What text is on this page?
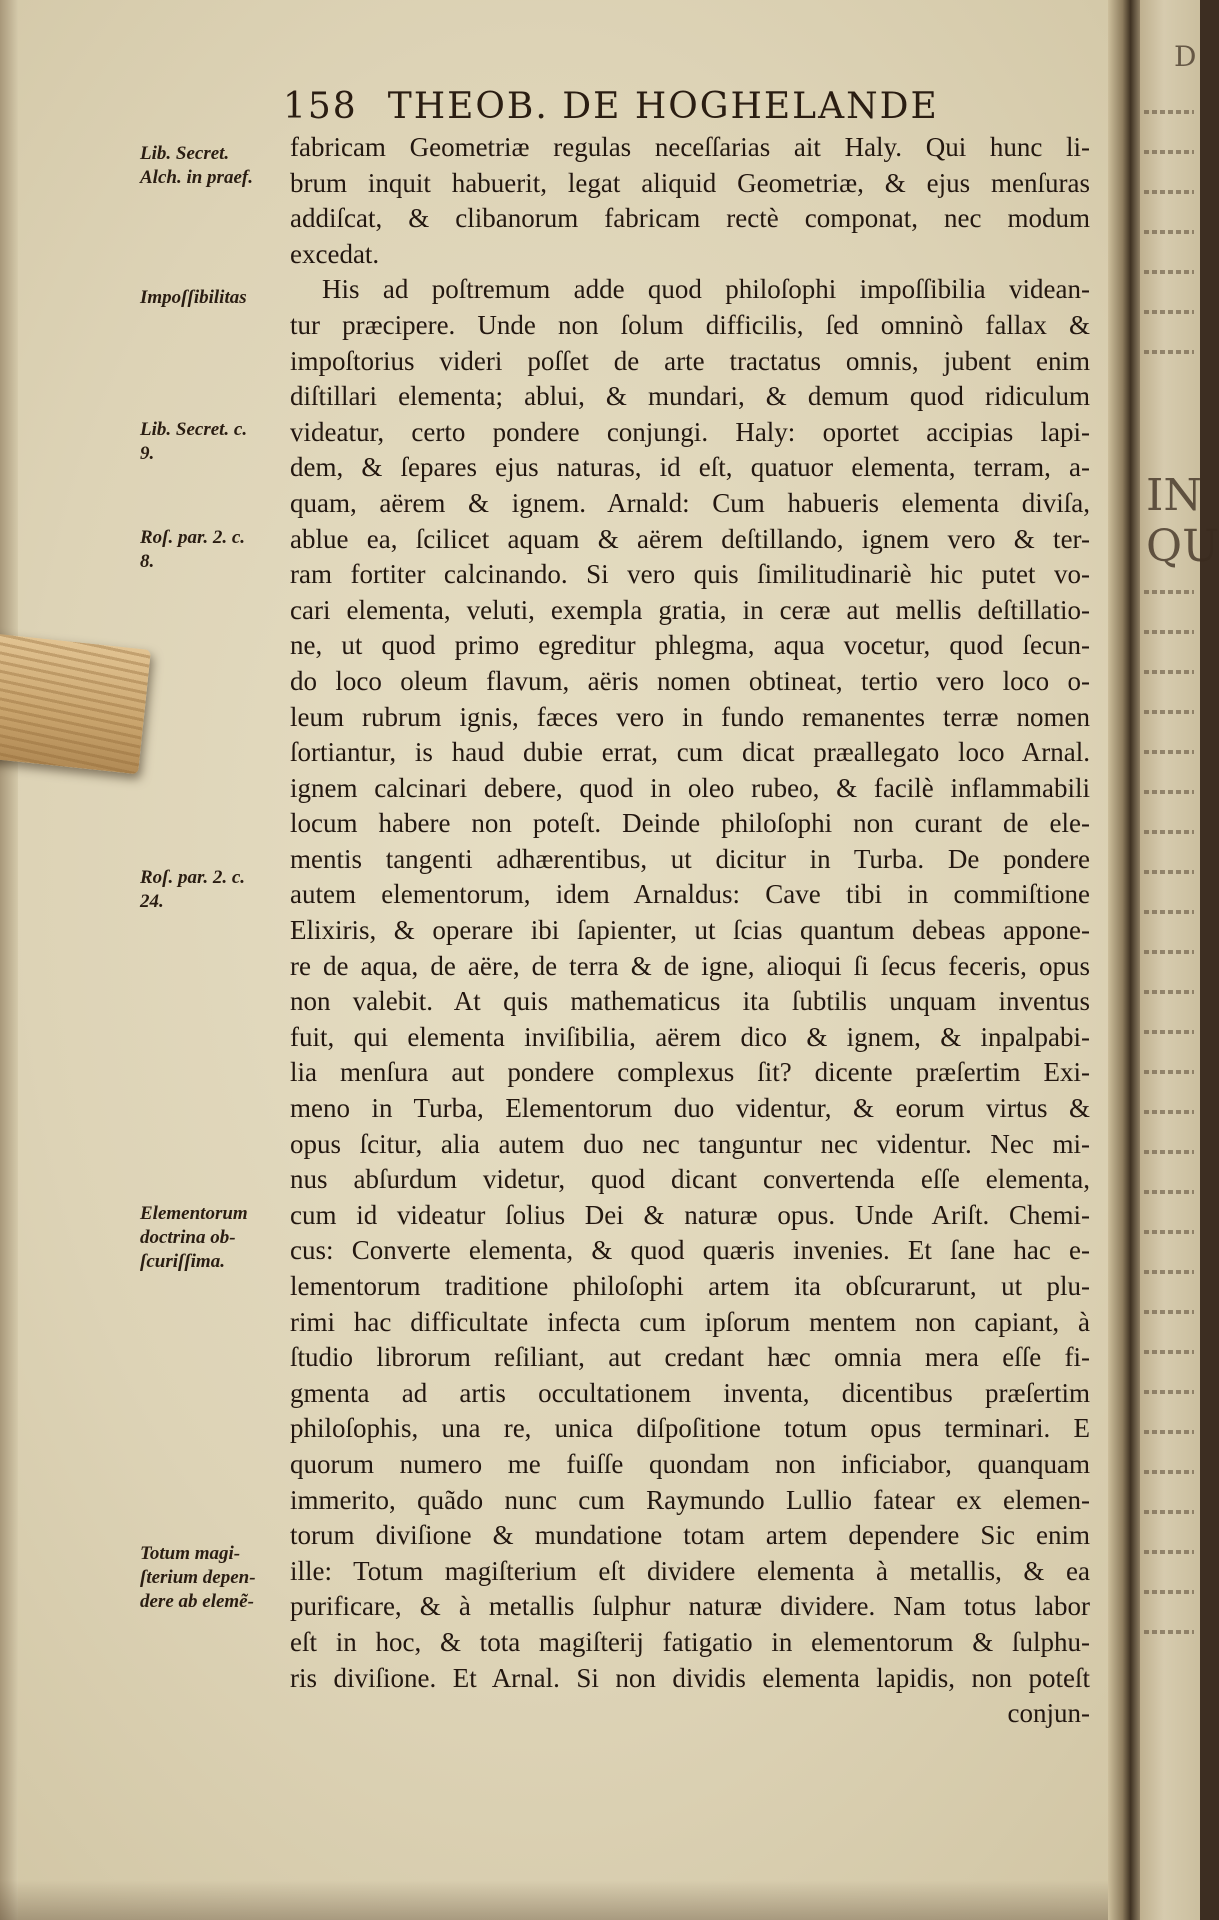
158 THEOB. DE HOGHELANDE
Lib. Secret.
Alch. in praef.
Impoſſibilitas
Lib. Secret. c.
9.
Roſ. par. 2. c.
8.
Roſ. par. 2. c.
24.
Elementorum
doctrina ob-
ſcuriſſima.
Totum magi-
ſterium depen-
dere ab elemẽ-
fabricam Geometriæ regulas neceſſarias ait Haly. Qui hunc li-
brum inquit habuerit, legat aliquid Geometriæ, & ejus menſuras
addiſcat, & clibanorum fabricam rectè componat, nec modum
excedat.
His ad poſtremum adde quod philoſophi impoſſibilia videan-
tur præcipere. Unde non ſolum difficilis, ſed omninò fallax &
impoſtorius videri poſſet de arte tractatus omnis, jubent enim
diſtillari elementa; ablui, & mundari, & demum quod ridiculum
videatur, certo pondere conjungi. Haly: oportet accipias lapi-
dem, & ſepares ejus naturas, id eſt, quatuor elementa, terram, a-
quam, aërem & ignem. Arnald: Cum habueris elementa diviſa,
ablue ea, ſcilicet aquam & aërem deſtillando, ignem vero & ter-
ram fortiter calcinando. Si vero quis ſimilitudinariè hic putet vo-
cari elementa, veluti, exempla gratia, in ceræ aut mellis deſtillatio-
ne, ut quod primo egreditur phlegma, aqua vocetur, quod ſecun-
do loco oleum flavum, aëris nomen obtineat, tertio vero loco o-
leum rubrum ignis, fæces vero in fundo remanentes terræ nomen
ſortiantur, is haud dubie errat, cum dicat præallegato loco Arnal.
ignem calcinari debere, quod in oleo rubeo, & facilè inflammabili
locum habere non poteſt. Deinde philoſophi non curant de ele-
mentis tangenti adhærentibus, ut dicitur in Turba. De pondere
autem elementorum, idem Arnaldus: Cave tibi in commiſtione
Elixiris, & operare ibi ſapienter, ut ſcias quantum debeas appone-
re de aqua, de aëre, de terra & de igne, alioqui ſi ſecus feceris, opus
non valebit. At quis mathematicus ita ſubtilis unquam inventus
fuit, qui elementa inviſibilia, aërem dico & ignem, & inpalpabi-
lia menſura aut pondere complexus ſit? dicente præſertim Exi-
meno in Turba, Elementorum duo videntur, & eorum virtus &
opus ſcitur, alia autem duo nec tanguntur nec videntur. Nec mi-
nus abſurdum videtur, quod dicant convertenda eſſe elementa,
cum id videatur ſolius Dei & naturæ opus. Unde Ariſt. Chemi-
cus: Converte elementa, & quod quæris invenies. Et ſane hac e-
lementorum traditione philoſophi artem ita obſcurarunt, ut plu-
rimi hac difficultate infecta cum ipſorum mentem non capiant, à
ſtudio librorum reſiliant, aut credant hæc omnia mera eſſe fi-
gmenta ad artis occultationem inventa, dicentibus præſertim
philoſophis, una re, unica diſpoſitione totum opus terminari. E
quorum numero me fuiſſe quondam non inficiabor, quanquam
immerito, quãdo nunc cum Raymundo Lullio fatear ex elemen-
torum diviſione & mundatione totam artem dependere Sic enim
ille: Totum magiſterium eſt dividere elementa à metallis, & ea
purificare, & à metallis ſulphur naturæ dividere. Nam totus labor
eſt in hoc, & tota magiſterij fatigatio in elementorum & ſulphu-
ris diviſione. Et Arnal. Si non dividis elementa lapidis, non poteſt
conjun-
D
IN QU
